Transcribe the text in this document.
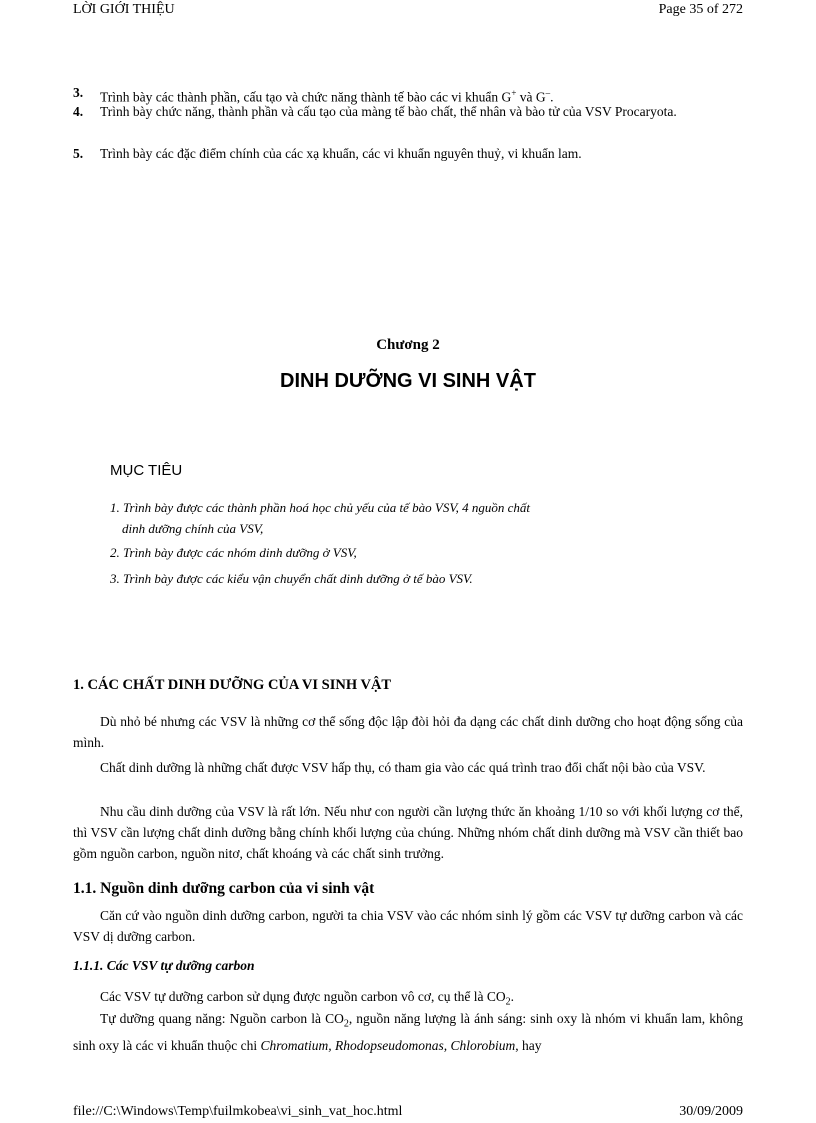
LỜI GIỚI THIỆU	Page 35 of 272
3. Trình bày các thành phần, cấu tạo và chức năng thành tế bào các vi khuẩn G+ và G–.
4. Trình bày chức năng, thành phần và cấu tạo của màng tế bào chất, thể nhân và bào tử của VSV Procaryota.
5. Trình bày các đặc điểm chính của các xạ khuẩn, các vi khuẩn nguyên thuỷ, vi khuẩn lam.
Chương 2
DINH DƯỠNG VI SINH VẬT
MỤC TIÊU
1. Trình bày được các thành phần hoá học chủ yếu của tế bào VSV, 4 nguồn chất
dinh dưỡng chính của VSV,
2. Trình bày được các nhóm dinh dưỡng ở VSV,
3. Trình bày được các kiểu vận chuyển chất dinh dưỡng ở tế bào VSV.
1. CÁC CHẤT DINH DƯỠNG CỦA VI SINH VẬT
Dù nhỏ bé nhưng các VSV là những cơ thể sống độc lập đòi hỏi đa dạng các chất dinh dưỡng cho hoạt động sống của mình.
Chất dinh dưỡng là những chất được VSV hấp thụ, có tham gia vào các quá trình trao đổi chất nội bào của VSV.
Nhu cầu dinh dưỡng của VSV là rất lớn. Nếu như con người cần lượng thức ăn khoảng 1/10 so với khối lượng cơ thể, thì VSV cần lượng chất dinh dưỡng bằng chính khối lượng của chúng. Những nhóm chất dinh dưỡng mà VSV cần thiết bao gồm nguồn carbon, nguồn nitơ, chất khoáng và các chất sinh trưởng.
1.1. Nguồn dinh dưỡng carbon của vi sinh vật
Căn cứ vào nguồn dinh dưỡng carbon, người ta chia VSV vào các nhóm sinh lý gồm các VSV tự dưỡng carbon và các VSV dị dưỡng carbon.
1.1.1. Các VSV tự dưỡng carbon
Các VSV tự dưỡng carbon sử dụng được nguồn carbon vô cơ, cụ thể là $CO_2$.
Tự dưỡng quang năng: Nguồn carbon là $CO_2$, nguồn năng lượng là ánh sáng: sinh oxy là nhóm vi khuẩn lam, không sinh oxy là các vi khuẩn thuộc chi Chromatium, Rhodopseudomonas, Chlorobium, hay
file://C:\Windows\Temp\fuilmkobea\vi_sinh_vat_hoc.html	30/09/2009
